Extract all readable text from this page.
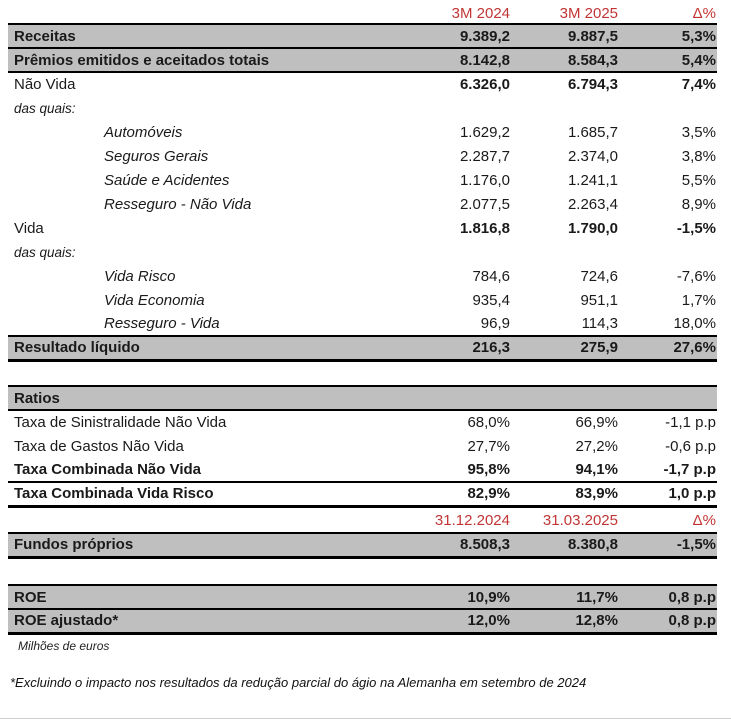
	3M 2024	3M 2025	Δ%
Receitas	9.389,2	9.887,5	5,3%
Prêmios emitidos e aceitados totais	8.142,8	8.584,3	5,4%
Não Vida	6.326,0	6.794,3	7,4%
das quais:			
Automóveis	1.629,2	1.685,7	3,5%
Seguros Gerais	2.287,7	2.374,0	3,8%
Saúde e Acidentes	1.176,0	1.241,1	5,5%
Resseguro - Não Vida	2.077,5	2.263,4	8,9%
Vida	1.816,8	1.790,0	-1,5%
das quais:			
Vida Risco	784,6	724,6	-7,6%
Vida Economia	935,4	951,1	1,7%
Resseguro - Vida	96,9	114,3	18,0%
Resultado líquido	216,3	275,9	27,6%

Ratios			
Taxa de Sinistralidade Não Vida	68,0%	66,9%	-1,1 p.p
Taxa de Gastos Não Vida	27,7%	27,2%	-0,6 p.p
Taxa Combinada Não Vida	95,8%	94,1%	-1,7 p.p
Taxa Combinada Vida Risco	82,9%	83,9%	1,0 p.p
	31.12.2024	31.03.2025	Δ%
Fundos próprios	8.508,3	8.380,8	-1,5%

ROE	10,9%	11,7%	0,8 p.p
ROE ajustado*	12,0%	12,8%	0,8 p.p
Milhões de euros
*Excluindo o impacto nos resultados da redução parcial do ágio na Alemanha em setembro de 2024
